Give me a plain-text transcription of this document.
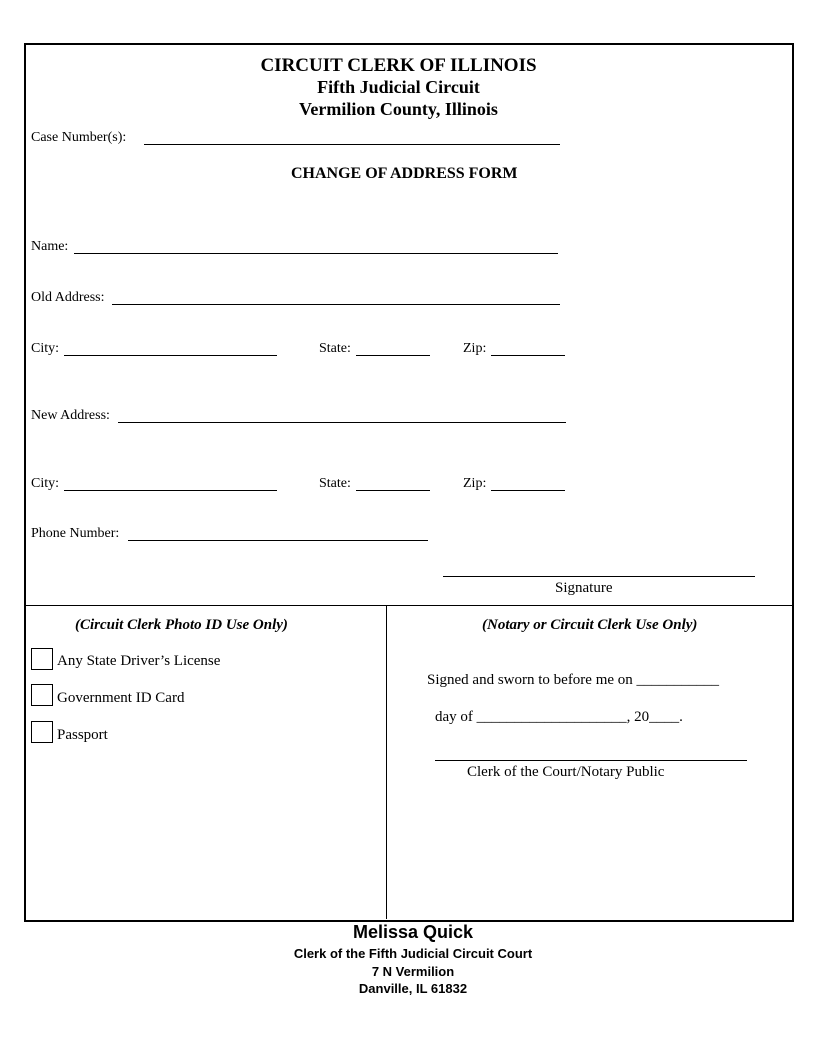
CIRCUIT CLERK OF ILLINOIS
Fifth Judicial Circuit
Vermilion County, Illinois
Case Number(s):
CHANGE OF ADDRESS FORM
Name:
Old Address:
City:	State:	Zip:
New Address:
City:	State:	Zip:
Phone Number:
Signature
(Circuit Clerk Photo ID Use Only)
Any State Driver’s License
Government ID Card
Passport
(Notary or Circuit Clerk Use Only)
Signed and sworn to before me on ___________
day of ____________________, 20____.
Clerk of the Court/Notary Public
Melissa Quick
Clerk of the Fifth Judicial Circuit Court
7 N Vermilion
Danville, IL 61832
